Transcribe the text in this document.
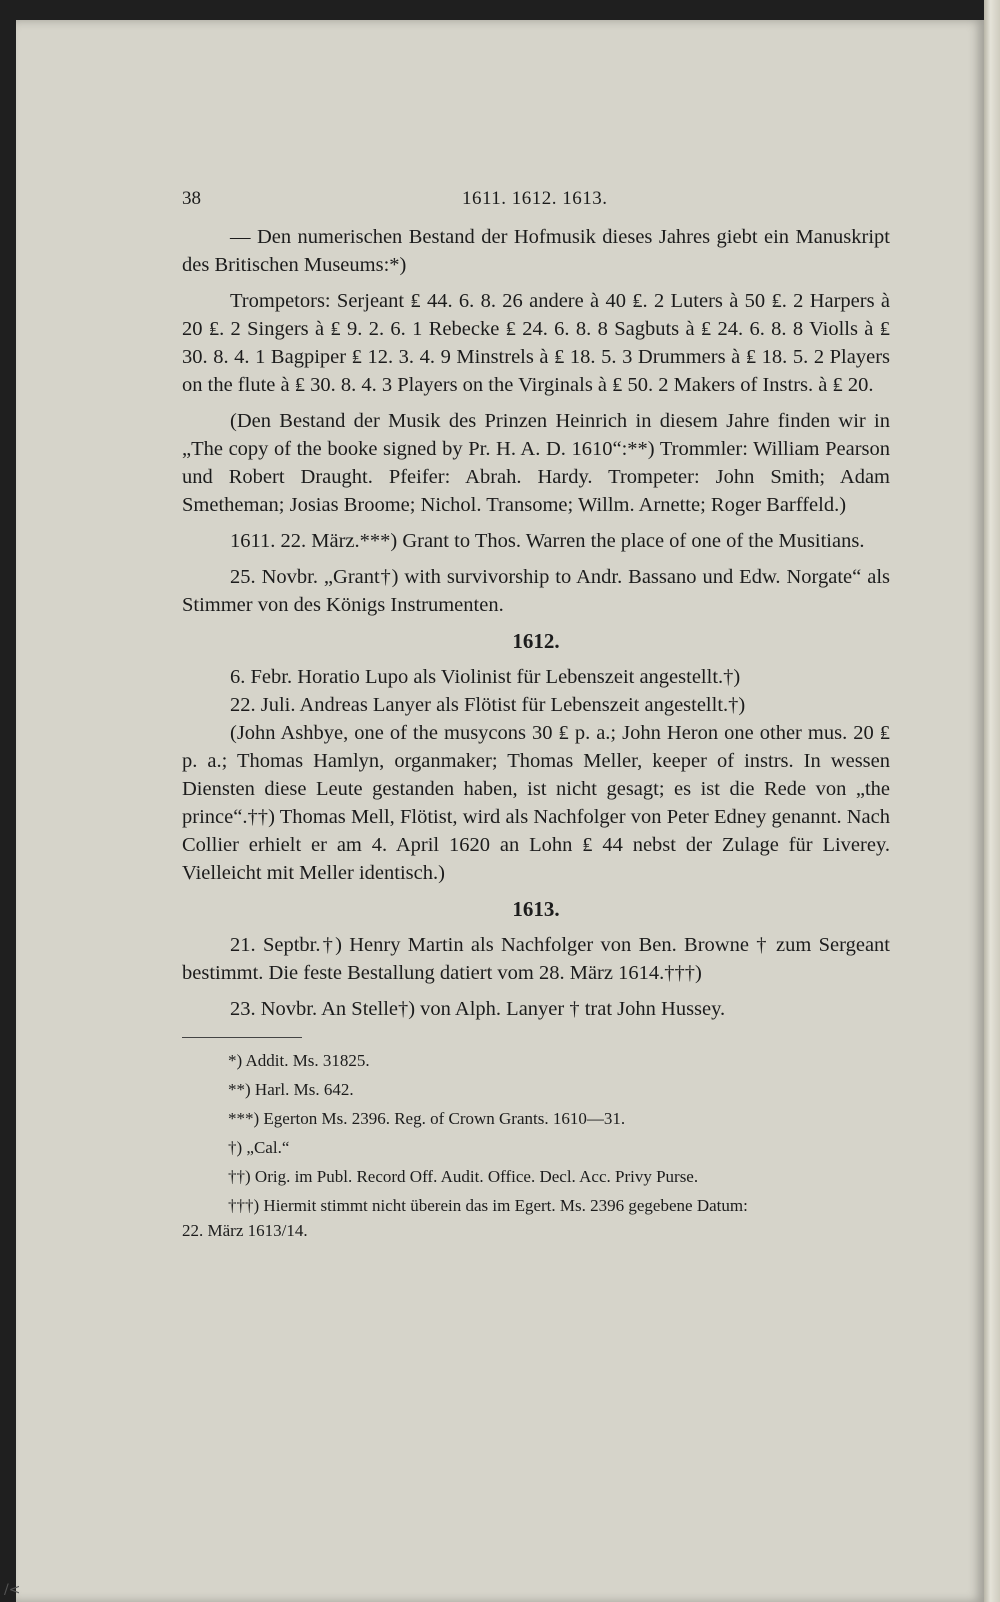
38	1611. 1612. 1613.

— Den numerischen Bestand der Hofmusik dieses Jahres giebt ein Manuskript des Britischen Museums:*)

Trompetors: Serjeant ₤ 44. 6. 8. 26 andere à 40 ₤. 2 Luters à 50 ₤. 2 Harpers à 20 ₤. 2 Singers à ₤ 9. 2. 6. 1 Rebecke ₤ 24. 6. 8. 8 Sagbuts à ₤ 24. 6. 8. 8 Violls à ₤ 30. 8. 4. 1 Bagpiper ₤ 12. 3. 4. 9 Minstrels à ₤ 18. 5. 3 Drummers à ₤ 18. 5. 2 Players on the flute à ₤ 30. 8. 4. 3 Players on the Virginals à ₤ 50. 2 Makers of Instrs. à ₤ 20.

(Den Bestand der Musik des Prinzen Heinrich in diesem Jahre finden wir in „The copy of the booke signed by Pr. H. A. D. 1610“:**) Trommler: William Pearson und Robert Draught. Pfeifer: Abrah. Hardy. Trompeter: John Smith; Adam Smetheman; Josias Broome; Nichol. Transome; Willm. Arnette; Roger Barffeld.)

1611. 22. März.***) Grant to Thos. Warren the place of one of the Musitians.

25. Novbr. „Grant†) with survivorship to Andr. Bassano und Edw. Norgate“ als Stimmer von des Königs Instrumenten.

1612.

6. Febr. Horatio Lupo als Violinist für Lebenszeit angestellt.†)

22. Juli. Andreas Lanyer als Flötist für Lebenszeit angestellt.†)

(John Ashbye, one of the musycons 30 ₤ p. a.; John Heron one other mus. 20 ₤ p. a.; Thomas Hamlyn, organmaker; Thomas Meller, keeper of instrs. In wessen Diensten diese Leute gestanden haben, ist nicht gesagt; es ist die Rede von „the prince“.††) Thomas Mell, Flötist, wird als Nachfolger von Peter Edney genannt. Nach Collier erhielt er am 4. April 1620 an Lohn ₤ 44 nebst der Zulage für Liverey. Vielleicht mit Meller identisch.)

1613.

21. Septbr.†) Henry Martin als Nachfolger von Ben. Browne † zum Sergeant bestimmt. Die feste Bestallung datiert vom 28. März 1614.†††)

23. Novbr. An Stelle†) von Alph. Lanyer † trat John Hussey.

*) Addit. Ms. 31825.
**) Harl. Ms. 642.
***) Egerton Ms. 2396. Reg. of Crown Grants. 1610—31.
†) „Cal.“
††) Orig. im Publ. Record Off. Audit. Office. Decl. Acc. Privy Purse.
†††) Hiermit stimmt nicht überein das im Egert. Ms. 2396 gegebene Datum:
22. März 1613/14.
/<
